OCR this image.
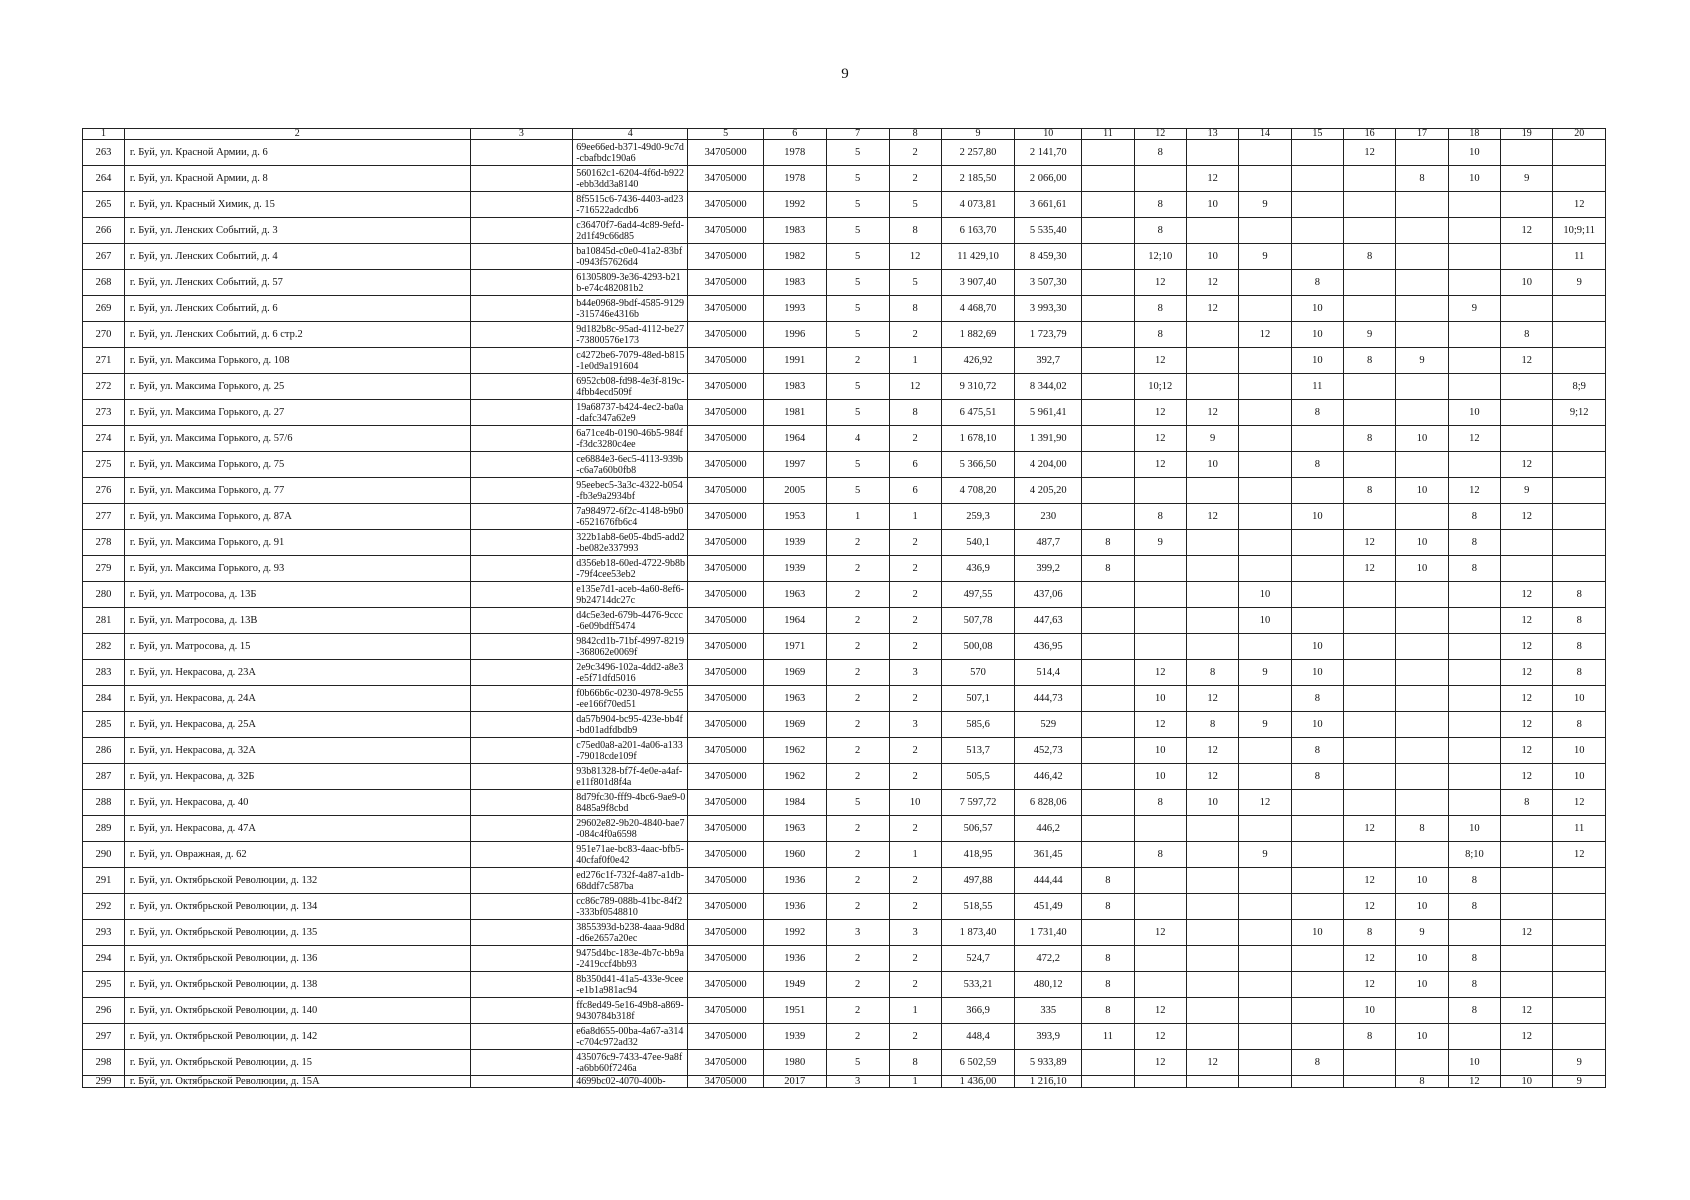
9
1	2	3	4	5	6	7	8	9	10	11	12	13	14	15	16	17	18	19	20
263	г. Буй, ул. Красной Армии, д. 6		69ee66ed-b371-49d0-9c7d-cbafbdc190a6	34705000	1978	5	2	2 257,80	2 141,70		8				12		10		
264	г. Буй, ул. Красной Армии, д. 8		560162c1-6204-4f6d-b922-ebb3dd3a8140	34705000	1978	5	2	2 185,50	2 066,00			12				8	10	9	
265	г. Буй, ул. Красный Химик, д. 15		8f5515c6-7436-4403-ad23-716522adcdb6	34705000	1992	5	5	4 073,81	3 661,61		8	10	9						12
266	г. Буй, ул. Ленских Событий, д. 3		c36470f7-6ad4-4c89-9efd-2d1f49c66d85	34705000	1983	5	8	6 163,70	5 535,40		8							12	10;9;11
267	г. Буй, ул. Ленских Событий, д. 4		ba10845d-c0e0-41a2-83bf-0943f57626d4	34705000	1982	5	12	11 429,10	8 459,30		12;10	10	9		8				11
268	г. Буй, ул. Ленских Событий, д. 57		61305809-3e36-4293-b21b-e74c482081b2	34705000	1983	5	5	3 907,40	3 507,30		12	12		8				10	9
269	г. Буй, ул. Ленских Событий, д. 6		b44e0968-9bdf-4585-9129-315746e4316b	34705000	1993	5	8	4 468,70	3 993,30		8	12		10			9		
270	г. Буй, ул. Ленских Событий, д. 6 стр.2		9d182b8c-95ad-4112-be27-73800576e173	34705000	1996	5	2	1 882,69	1 723,79		8		12	10	9			8	
271	г. Буй, ул. Максима Горького, д. 108		c4272be6-7079-48ed-b815-1e0d9a191604	34705000	1991	2	1	426,92	392,7		12			10	8	9		12	
272	г. Буй, ул. Максима Горького, д. 25		6952cb08-fd98-4e3f-819c-4fbb4ecd509f	34705000	1983	5	12	9 310,72	8 344,02		10;12			11					8;9
273	г. Буй, ул. Максима Горького, д. 27		19a68737-b424-4ec2-ba0a-dafc347a62e9	34705000	1981	5	8	6 475,51	5 961,41		12	12		8			10		9;12
274	г. Буй, ул. Максима Горького, д. 57/6		6a71ce4b-0190-46b5-984f-f3dc3280c4ee	34705000	1964	4	2	1 678,10	1 391,90		12	9			8	10	12		
275	г. Буй, ул. Максима Горького, д. 75		ce6884e3-6ec5-4113-939b-c6a7a60b0fb8	34705000	1997	5	6	5 366,50	4 204,00		12	10		8				12	
276	г. Буй, ул. Максима Горького, д. 77		95eebec5-3a3c-4322-b054-fb3e9a2934bf	34705000	2005	5	6	4 708,20	4 205,20						8	10	12	9	
277	г. Буй, ул. Максима Горького, д. 87А		7a984972-6f2c-4148-b9b0-6521676fb6c4	34705000	1953	1	1	259,3	230		8	12		10			8	12	
278	г. Буй, ул. Максима Горького, д. 91		322b1ab8-6e05-4bd5-add2-be082e337993	34705000	1939	2	2	540,1	487,7	8	9				12	10	8		
279	г. Буй, ул. Максима Горького, д. 93		d356eb18-60ed-4722-9b8b-79f4cee53eb2	34705000	1939	2	2	436,9	399,2	8					12	10	8		
280	г. Буй, ул. Матросова, д. 13Б		e135e7d1-aceb-4a60-8ef6-9b24714dc27c	34705000	1963	2	2	497,55	437,06				10					12	8
281	г. Буй, ул. Матросова, д. 13В		d4c5e3ed-679b-4476-9ccc-6e09bdff5474	34705000	1964	2	2	507,78	447,63				10					12	8
282	г. Буй, ул. Матросова, д. 15		9842cd1b-71bf-4997-8219-368062e0069f	34705000	1971	2	2	500,08	436,95					10				12	8
283	г. Буй, ул. Некрасова, д. 23А		2e9c3496-102a-4dd2-a8e3-e5f71dfd5016	34705000	1969	2	3	570	514,4		12	8	9	10				12	8
284	г. Буй, ул. Некрасова, д. 24А		f0b66b6c-0230-4978-9c55-ee166f70ed51	34705000	1963	2	2	507,1	444,73		10	12		8				12	10
285	г. Буй, ул. Некрасова, д. 25А		da57b904-bc95-423e-bb4f-bd01adfdbdb9	34705000	1969	2	3	585,6	529		12	8	9	10				12	8
286	г. Буй, ул. Некрасова, д. 32А		c75ed0a8-a201-4a06-a133-79018cde109f	34705000	1962	2	2	513,7	452,73		10	12		8				12	10
287	г. Буй, ул. Некрасова, д. 32Б		93b81328-bf7f-4e0e-a4af-e11f801d8f4a	34705000	1962	2	2	505,5	446,42		10	12		8				12	10
288	г. Буй, ул. Некрасова, д. 40		8d79fc30-fff9-4bc6-9ae9-08485a9f8cbd	34705000	1984	5	10	7 597,72	6 828,06		8	10	12					8	12
289	г. Буй, ул. Некрасова, д. 47А		29602e82-9b20-4840-bae7-084c4f0a6598	34705000	1963	2	2	506,57	446,2						12	8	10		11
290	г. Буй, ул. Овражная, д. 62		951e71ae-bc83-4aac-bfb5-40cfaf0f0e42	34705000	1960	2	1	418,95	361,45		8		9				8;10		12
291	г. Буй, ул. Октябрьской Революции, д. 132		ed276c1f-732f-4a87-a1db-68ddf7c587ba	34705000	1936	2	2	497,88	444,44	8					12	10	8		
292	г. Буй, ул. Октябрьской Революции, д. 134		cc86c789-088b-41bc-84f2-333bf0548810	34705000	1936	2	2	518,55	451,49	8					12	10	8		
293	г. Буй, ул. Октябрьской Революции, д. 135		3855393d-b238-4aaa-9d8d-d6e2657a20ec	34705000	1992	3	3	1 873,40	1 731,40		12			10	8	9		12	
294	г. Буй, ул. Октябрьской Революции, д. 136		9475d4bc-183e-4b7c-bb9a-2419ccf4bb93	34705000	1936	2	2	524,7	472,2	8					12	10	8		
295	г. Буй, ул. Октябрьской Революции, д. 138		8b350d41-41a5-433e-9cee-e1b1a981ac94	34705000	1949	2	2	533,21	480,12	8					12	10	8		
296	г. Буй, ул. Октябрьской Революции, д. 140		ffc8ed49-5e16-49b8-a869-9430784b318f	34705000	1951	2	1	366,9	335	8	12				10		8	12	
297	г. Буй, ул. Октябрьской Революции, д. 142		e6a8d655-00ba-4a67-a314-c704c972ad32	34705000	1939	2	2	448,4	393,9	11	12				8	10		12	
298	г. Буй, ул. Октябрьской Революции, д. 15		435076c9-7433-47ee-9a8f-a6bb60f7246a	34705000	1980	5	8	6 502,59	5 933,89		12	12		8			10		9
299	г. Буй, ул. Октябрьской Революции, д. 15А		4699bc02-4070-400b-	34705000	2017	3	1	1 436,00	1 216,10							8	12	10	9
